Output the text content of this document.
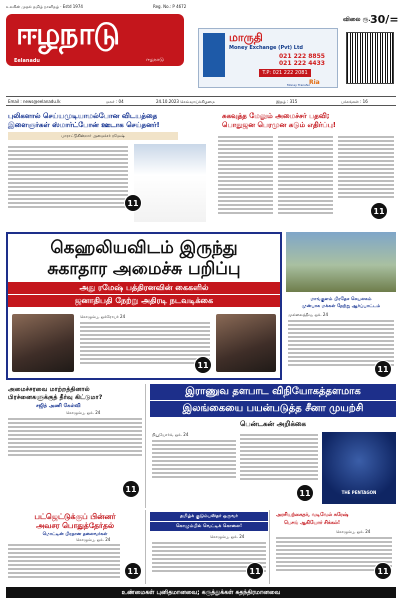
உலகின் முதல் தமிழ் நாளிதழ் · Estd 1974	Reg. No.: P 4672
ஈழநாடு
Eelanadu	ஈழநாடு
மாருதி
Money Exchange (Pvt) Ltd
021 222 8855
021 222 4433
T.P: 021 222 2081
Ria
Money Transfer
விலை ரூ. 30/=
Email : news@eelanadu.lk	மலர் : 04	24.10.2023 செவ்வாய்க்கிழமை	இதழ் : 315	பக்கங்கள் : 16
புலிகளால் செய்யமுடியாமல்போன விடயத்தை
இளைஞர்கள் ஸ்மார்ட்போன் ஊடாக செய்தனர்!
பாராட்டுகின்றார் அமைச்சர் ரமேஷ்
11
சுகவுத்த மேலும் அமைச்சர் பதவி;
பொதுஜன பெரமுன கடும் எதிர்ப்பு!
11
கெஹலியவிடம் இருந்து
சுகாதார அமைச்சு பறிப்பு
அது ரமேஷ் பத்திரனவின் கைகளில்
ஜனாதிபதி நேற்று அதிரடி நடவடிக்கை
கொழும்பு, ஒக்ரோபர் 24
11
மாங்குளம் பிரதேச செயலகம்
முன்பாக மக்கள் நேற்று ஆர்ப்பாட்டம்
முல்லைத்தீவு, ஒக். 24
11
அமைச்சரவை மாற்றத்தினால்
பிரச்னைகளுக்குத் தீர்வு கிட்டுமா?
சஜித் அணி கேள்வி
கொழும்பு, ஒக். 24
11
இராணுவ தளபாட விநியோகத்தளமாக
இலங்கையை பயன்படுத்த சீனா முயற்சி
பென்டகன் அறிக்கை
நியூயோர்க், ஒக். 24
THE PENTAGON
11
பட்ஜெட்டுக்குப் பின்னர்
அவசர பொதுத்தேர்தல்
மொட்டின் பிரதான தலைவர்கள்
கொழும்பு, ஒக். 24
11
தமிழ்க் குடும்பஸ்தர் ஒருவர்
கொழும்பில் வெட்டிக் கொலை!
கொழும்பு, ஒக். 24
11
அரசியற்கைதர், வடிவேல் சுரேஷ்
பெசங் ஆகியோர் சிக்கல்!
கொழும்பு, ஒக். 24
11
உண்மைகள் புனிதமானவை; கருத்துக்கள் சுதந்திரமானவை
